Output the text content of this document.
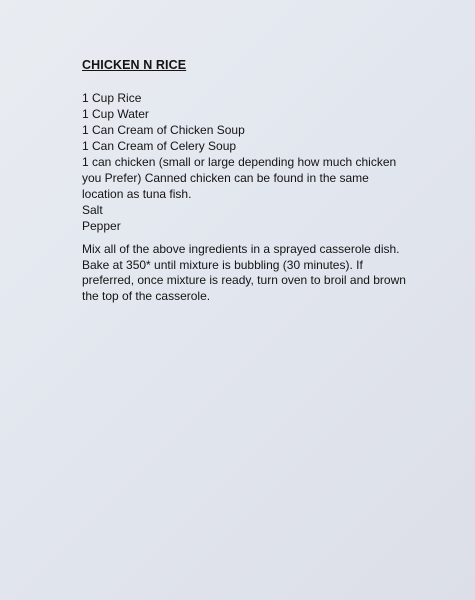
CHICKEN N RICE
1 Cup Rice
1 Cup Water
1 Can Cream of Chicken Soup
1 Can Cream of Celery Soup
1 can chicken (small or large depending how much chicken you Prefer) Canned chicken can be found in the same location as tuna fish.
Salt
Pepper

Mix all of the above ingredients in a sprayed casserole dish. Bake at 350* until mixture is bubbling (30 minutes). If preferred, once mixture is ready, turn oven to broil and brown the top of the casserole.
